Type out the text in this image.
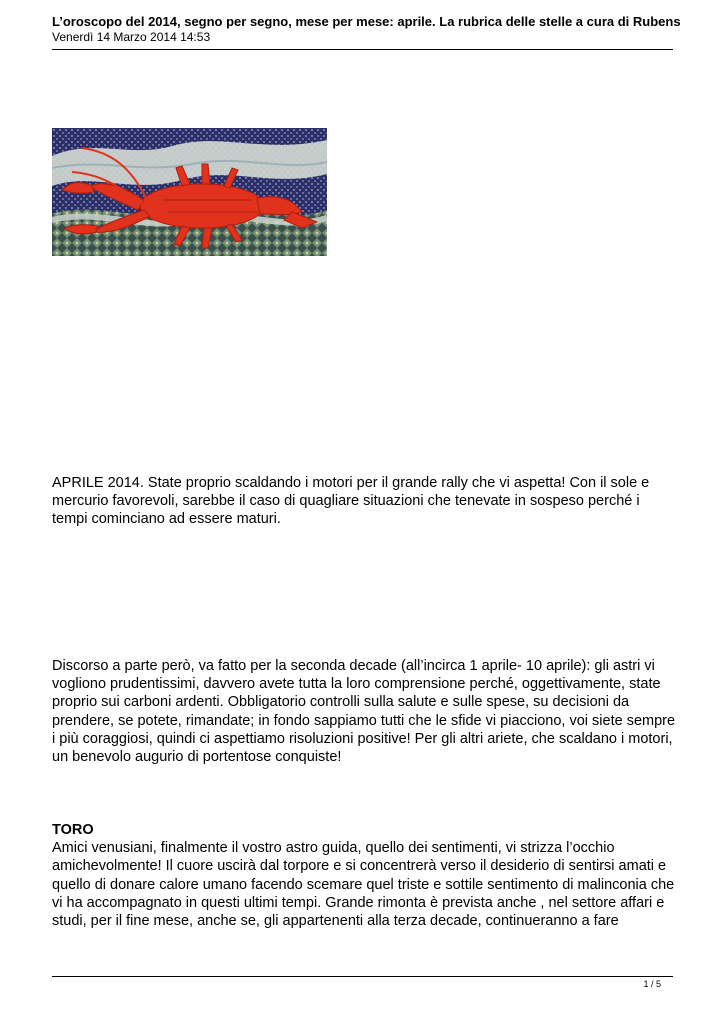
L’oroscopo del 2014, segno per segno, mese per mese: aprile. La rubrica delle stelle a cura di Rubens
Venerdì 14 Marzo 2014 14:53

APRILE 2014. State proprio scaldando i motori per il grande rally che vi aspetta! Con il sole e mercurio favorevoli, sarebbe il caso di quagliare situazioni che tenevate in sospeso perché i tempi cominciano ad essere maturi.

Discorso a parte però, va fatto per la seconda decade (all’incirca 1 aprile- 10 aprile): gli astri vi vogliono prudentissimi, davvero avete tutta la loro comprensione perché, oggettivamente, state proprio sui carboni ardenti. Obbligatorio controlli sulla salute e sulle spese, su decisioni da prendere, se potete, rimandate; in fondo sappiamo tutti che le sfide vi piacciono, voi siete sempre i più coraggiosi, quindi ci aspettiamo risoluzioni positive! Per gli altri ariete, che scaldano i motori, un benevolo augurio di portentose conquiste!

TORO

Amici venusiani, finalmente il vostro astro guida, quello dei sentimenti, vi strizza l’occhio amichevolmente! Il cuore uscirà dal torpore e si concentrerà verso il desiderio di sentirsi amati e quello di donare calore umano facendo scemare quel triste e sottile sentimento di malinconia che vi ha accompagnato in questi ultimi tempi. Grande rimonta è prevista anche , nel settore affari e studi, per il fine mese, anche se, gli appartenenti alla terza decade, continueranno a fare

1 / 5
